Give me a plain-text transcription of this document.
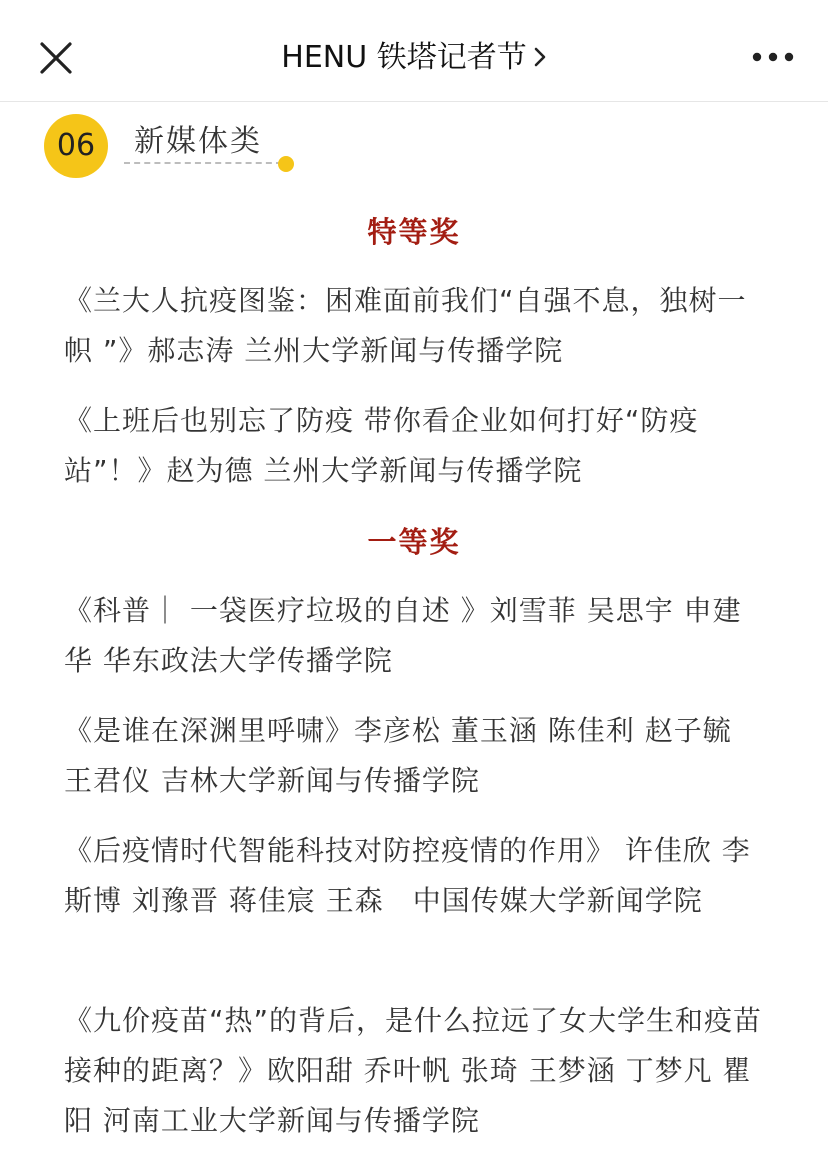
HENU 铁塔记者节
06	新媒体类
特等奖
《兰大人抗疫图鉴：困难面前我们“自强不息，独树一帜 ”》郝志涛 兰州大学新闻与传播学院
《上班后也别忘了防疫 带你看企业如何打好“防疫站”！》赵为德 兰州大学新闻与传播学院
一等奖
《科普｜ 一袋医疗垃圾的自述 》刘雪菲 吴思宇 申建华 华东政法大学传播学院
《是谁在深渊里呼啸》李彦松 董玉涵 陈佳利 赵子毓 王君仪 吉林大学新闻与传播学院
《后疫情时代智能科技对防控疫情的作用》 许佳欣 李斯博 刘豫晋 蒋佳宸 王森　中国传媒大学新闻学院
《九价疫苗“热”的背后，是什么拉远了女大学生和疫苗接种的距离？》欧阳甜 乔叶帆 张琦 王梦涵 丁梦凡 瞿阳 河南工业大学新闻与传播学院
